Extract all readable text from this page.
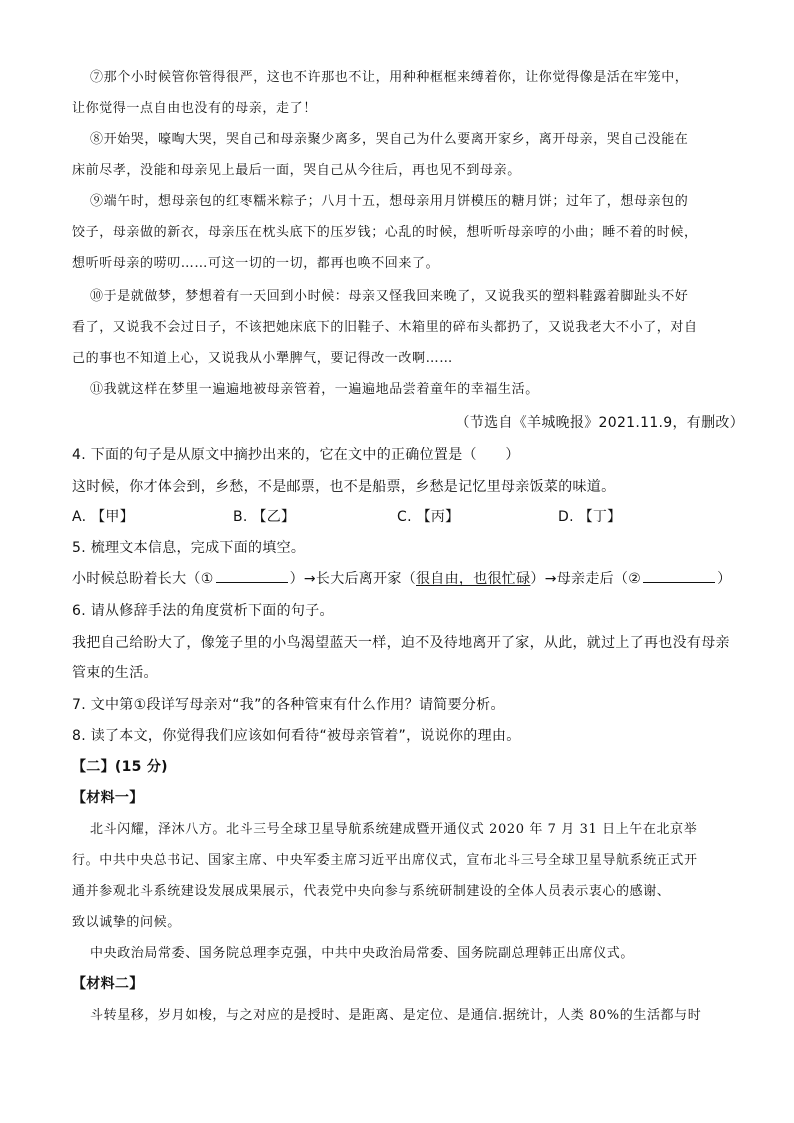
⑦那个小时候管你管得很严，这也不许那也不让，用种种框框来缚着你，让你觉得像是活在牢笼中，
让你觉得一点自由也没有的母亲，走了！
⑧开始哭，嚎啕大哭，哭自己和母亲聚少离多，哭自己为什么要离开家乡，离开母亲，哭自己没能在
床前尽孝，没能和母亲见上最后一面，哭自己从今往后，再也见不到母亲。
⑨端午时，想母亲包的红枣糯米粽子；八月十五，想母亲用月饼模压的糖月饼；过年了，想母亲包的
饺子，母亲做的新衣，母亲压在枕头底下的压岁钱；心乱的时候，想听听母亲哼的小曲；睡不着的时候，
想听听母亲的唠叨……可这一切的一切，都再也唤不回来了。
⑩于是就做梦，梦想着有一天回到小时候：母亲又怪我回来晚了，又说我买的塑料鞋露着脚趾头不好
看了，又说我不会过日子，不该把她床底下的旧鞋子、木箱里的碎布头都扔了，又说我老大不小了，对自
己的事也不知道上心，又说我从小犟脾气，要记得改一改啊……
⑪我就这样在梦里一遍遍地被母亲管着，一遍遍地品尝着童年的幸福生活。
（节选自《羊城晚报》2021.11.9，有删改）
4. 下面的句子是从原文中摘抄出来的，它在文中的正确位置是（　　）
这时候，你才体会到，乡愁，不是邮票，也不是船票，乡愁是记忆里母亲饭菜的味道。
A. 【甲】	B. 【乙】	C. 【丙】	D. 【丁】
5. 梳理文本信息，完成下面的填空。
小时候总盼着长大（①	）→长大后离开家（很自由，也很忙碌）→母亲走后（②	）
6. 请从修辞手法的角度赏析下面的句子。
我把自己给盼大了，像笼子里的小鸟渴望蓝天一样，迫不及待地离开了家，从此，就过上了再也没有母亲
管束的生活。
7. 文中第①段详写母亲对“我”的各种管束有什么作用？请简要分析。
8. 读了本文，你觉得我们应该如何看待“被母亲管着”，说说你的理由。
【二】(15 分)
【材料一】
北斗闪耀，泽沐八方。北斗三号全球卫星导航系统建成暨开通仪式 2020 年 7 月 31 日上午在北京举
行。中共中央总书记、国家主席、中央军委主席习近平出席仪式，宣布北斗三号全球卫星导航系统正式开
通并参观北斗系统建设发展成果展示，代表党中央向参与系统研制建设的全体人员表示衷心的感谢、
致以诚挚的问候。
中央政治局常委、国务院总理李克强，中共中央政治局常委、国务院副总理韩正出席仪式。
【材料二】
斗转星移，岁月如梭，与之对应的是授时、是距离、是定位、是通信.据统计，人类 80%的生活都与时
